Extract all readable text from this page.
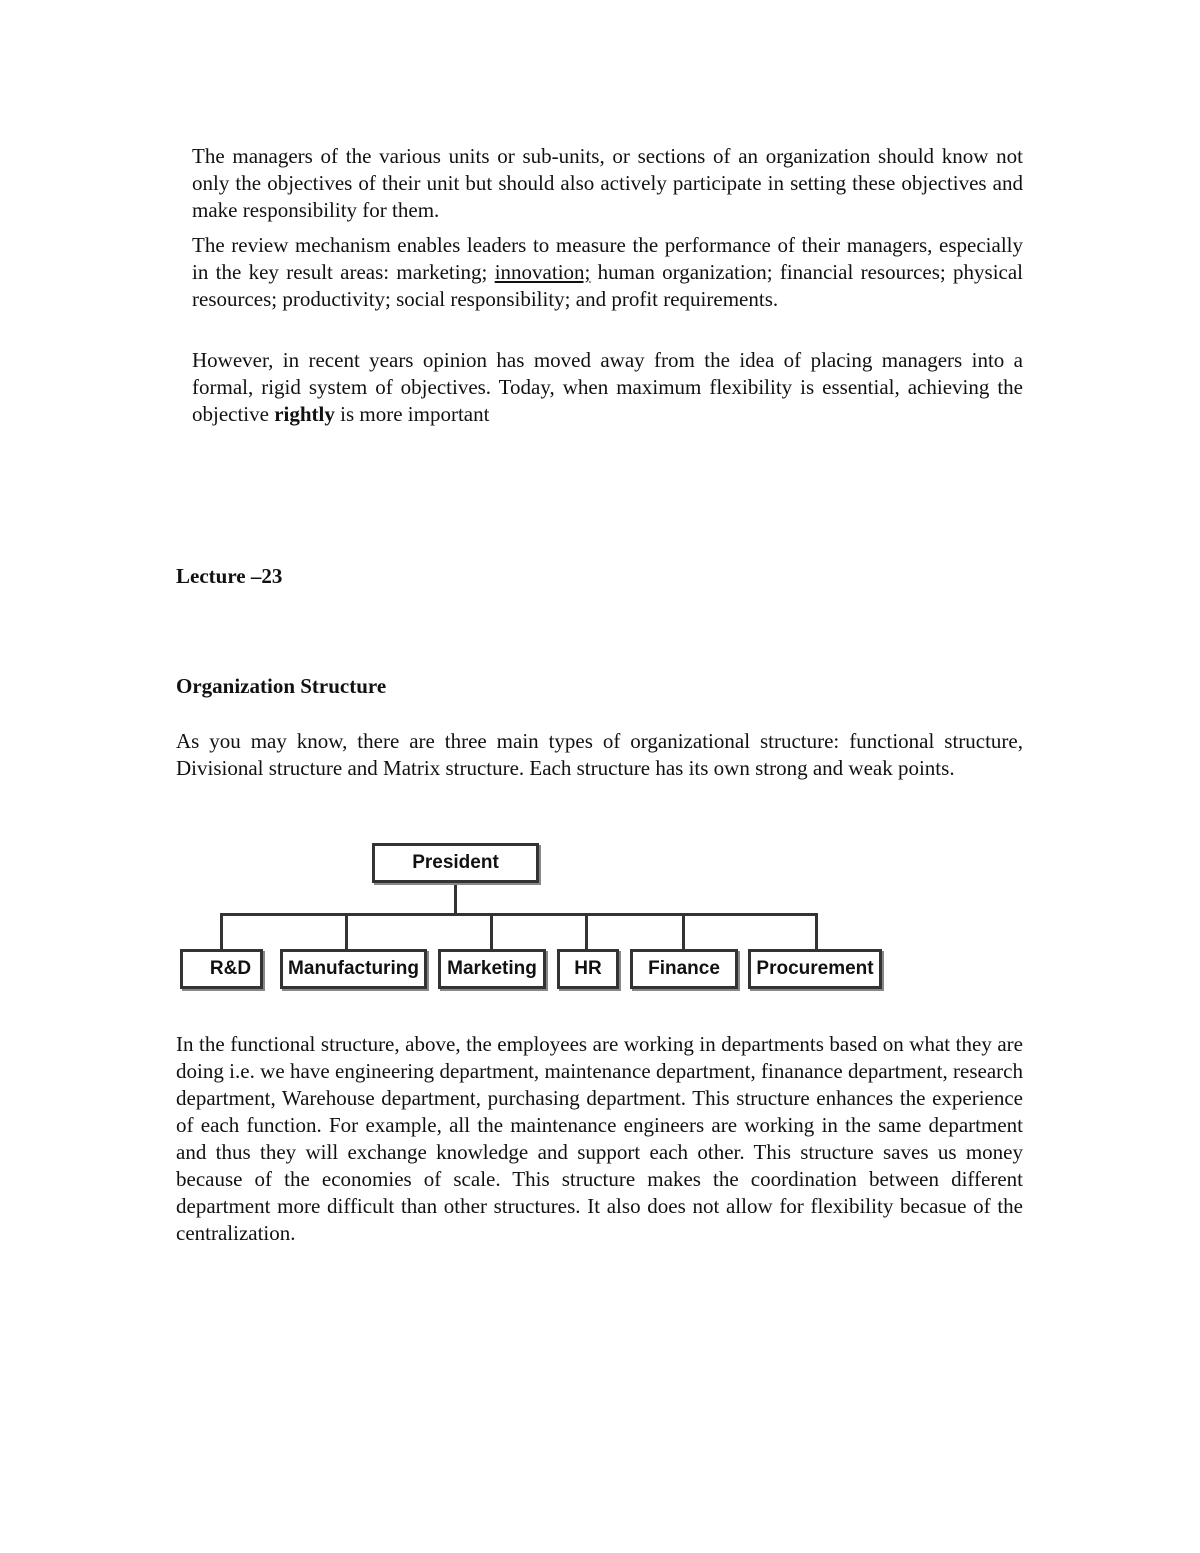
The managers of the various units or sub-units, or sections of an organization should know not only the objectives of their unit but should also actively participate in setting these objectives and make responsibility for them.

The review mechanism enables leaders to measure the performance of their managers, especially in the key result areas: marketing; innovation; human organization; financial resources; physical resources; productivity; social responsibility; and profit requirements.

However, in recent years opinion has moved away from the idea of placing managers into a formal, rigid system of objectives. Today, when maximum flexibility is essential, achieving the objective rightly is more important

Lecture –23
Organization Structure

As you may know, there are three main types of organizational structure: functional structure, Divisional structure and Matrix structure. Each structure has its own strong and weak points.

President
R&D	Manufacturing	Marketing	HR	Finance	Procurement

In the functional structure, above, the employees are working in departments based on what they are doing i.e. we have engineering department, maintenance department, finanance department, research department, Warehouse department, purchasing department. This structure enhances the experience of each function. For example, all the maintenance engineers are working in the same department and thus they will exchange knowledge and support each other. This structure saves us money because of the economies of scale. This structure makes the coordination between different department more difficult than other structures. It also does not allow for flexibility becasue of the centralization.
